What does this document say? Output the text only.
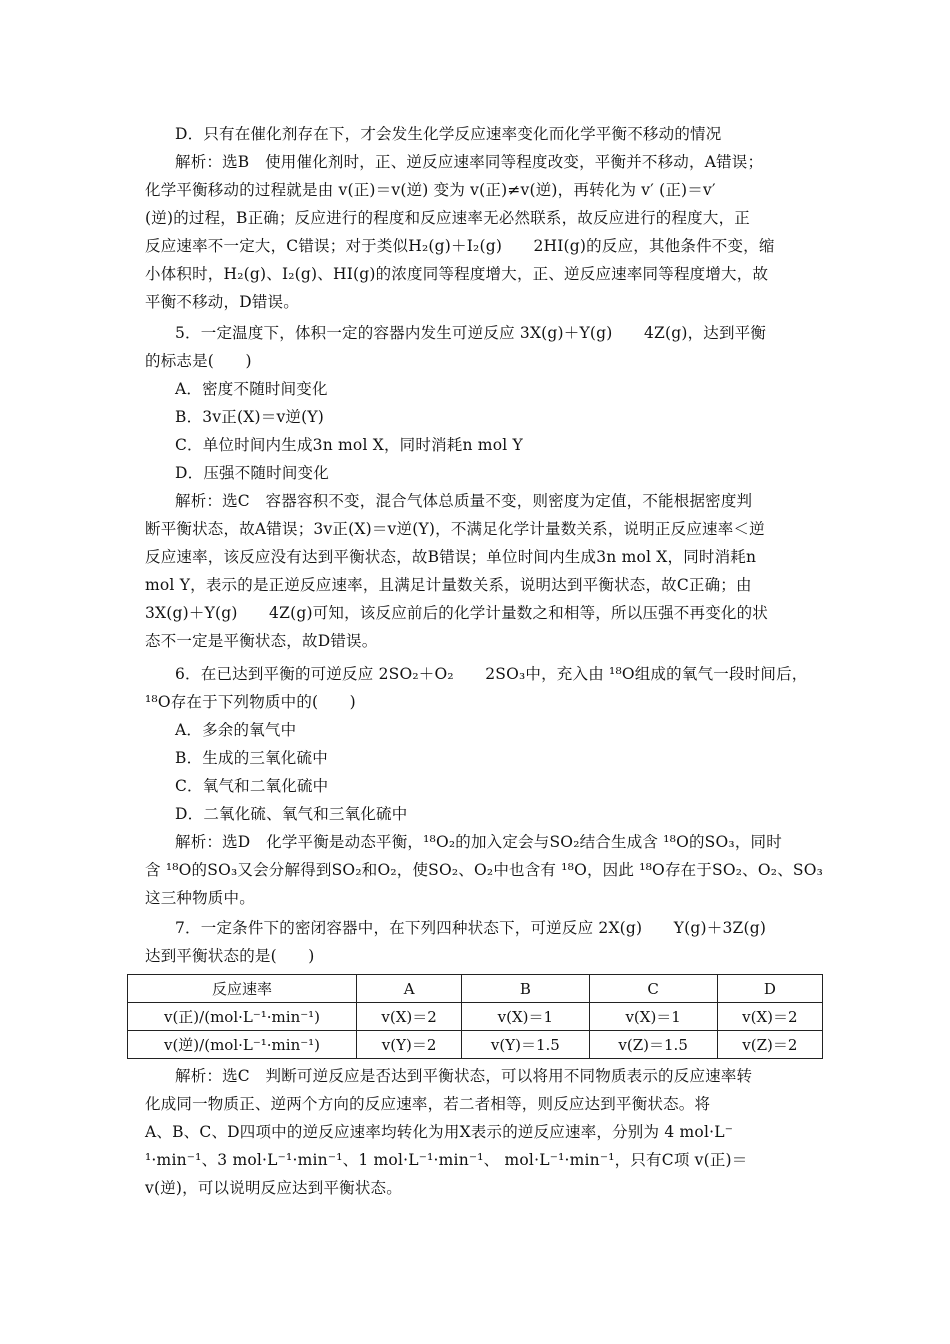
D．只有在催化剂存在下，才会发生化学反应速率变化而化学平衡不移动的情况
解析：选B　使用催化剂时，正、逆反应速率同等程度改变，平衡并不移动，A错误；
化学平衡移动的过程就是由 v(正)＝v(逆) 变为 v(正)≠v(逆)，再转化为 v′ (正)＝v′
(逆)的过程，B正确；反应进行的程度和反应速率无必然联系，故反应进行的程度大，正
反应速率不一定大，C错误；对于类似H₂(g)＋I₂(g)　　2HI(g)的反应，其他条件不变，缩
小体积时，H₂(g)、I₂(g)、HI(g)的浓度同等程度增大，正、逆反应速率同等程度增大，故
平衡不移动，D错误。
5．一定温度下，体积一定的容器内发生可逆反应 3X(g)＋Y(g)　　4Z(g)，达到平衡
的标志是(　　)
A．密度不随时间变化
B．3v正(X)＝v逆(Y)
C．单位时间内生成3n mol X，同时消耗n mol Y
D．压强不随时间变化
解析：选C　容器容积不变，混合气体总质量不变，则密度为定值，不能根据密度判
断平衡状态，故A错误；3v正(X)＝v逆(Y)，不满足化学计量数关系，说明正反应速率＜逆
反应速率，该反应没有达到平衡状态，故B错误；单位时间内生成3n mol X，同时消耗n
mol Y，表示的是正逆反应速率，且满足计量数关系，说明达到平衡状态，故C正确；由
3X(g)＋Y(g)　　4Z(g)可知，该反应前后的化学计量数之和相等，所以压强不再变化的状
态不一定是平衡状态，故D错误。
6．在已达到平衡的可逆反应 2SO₂＋O₂　　2SO₃中，充入由 ¹⁸O组成的氧气一段时间后，
¹⁸O存在于下列物质中的(　　)
A．多余的氧气中
B．生成的三氧化硫中
C．氧气和二氧化硫中
D．二氧化硫、氧气和三氧化硫中
解析：选D　化学平衡是动态平衡，¹⁸O₂的加入定会与SO₂结合生成含 ¹⁸O的SO₃，同时
含 ¹⁸O的SO₃又会分解得到SO₂和O₂，使SO₂、O₂中也含有 ¹⁸O，因此 ¹⁸O存在于SO₂、O₂、SO₃
这三种物质中。
7．一定条件下的密闭容器中，在下列四种状态下，可逆反应 2X(g)　　Y(g)＋3Z(g)
达到平衡状态的是(　　)
反应速率	A	B	C	D
v(正)/(mol·L⁻¹·min⁻¹)	v(X)＝2	v(X)＝1	v(X)＝1	v(X)＝2
v(逆)/(mol·L⁻¹·min⁻¹)	v(Y)＝2	v(Y)＝1.5	v(Z)＝1.5	v(Z)＝2
解析：选C　判断可逆反应是否达到平衡状态，可以将用不同物质表示的反应速率转
化成同一物质正、逆两个方向的反应速率，若二者相等，则反应达到平衡状态。将
A、B、C、D四项中的逆反应速率均转化为用X表示的逆反应速率，分别为 4 mol·L⁻
¹·min⁻¹、3 mol·L⁻¹·min⁻¹、1 mol·L⁻¹·min⁻¹、 mol·L⁻¹·min⁻¹，只有C项 v(正)＝
v(逆)，可以说明反应达到平衡状态。
